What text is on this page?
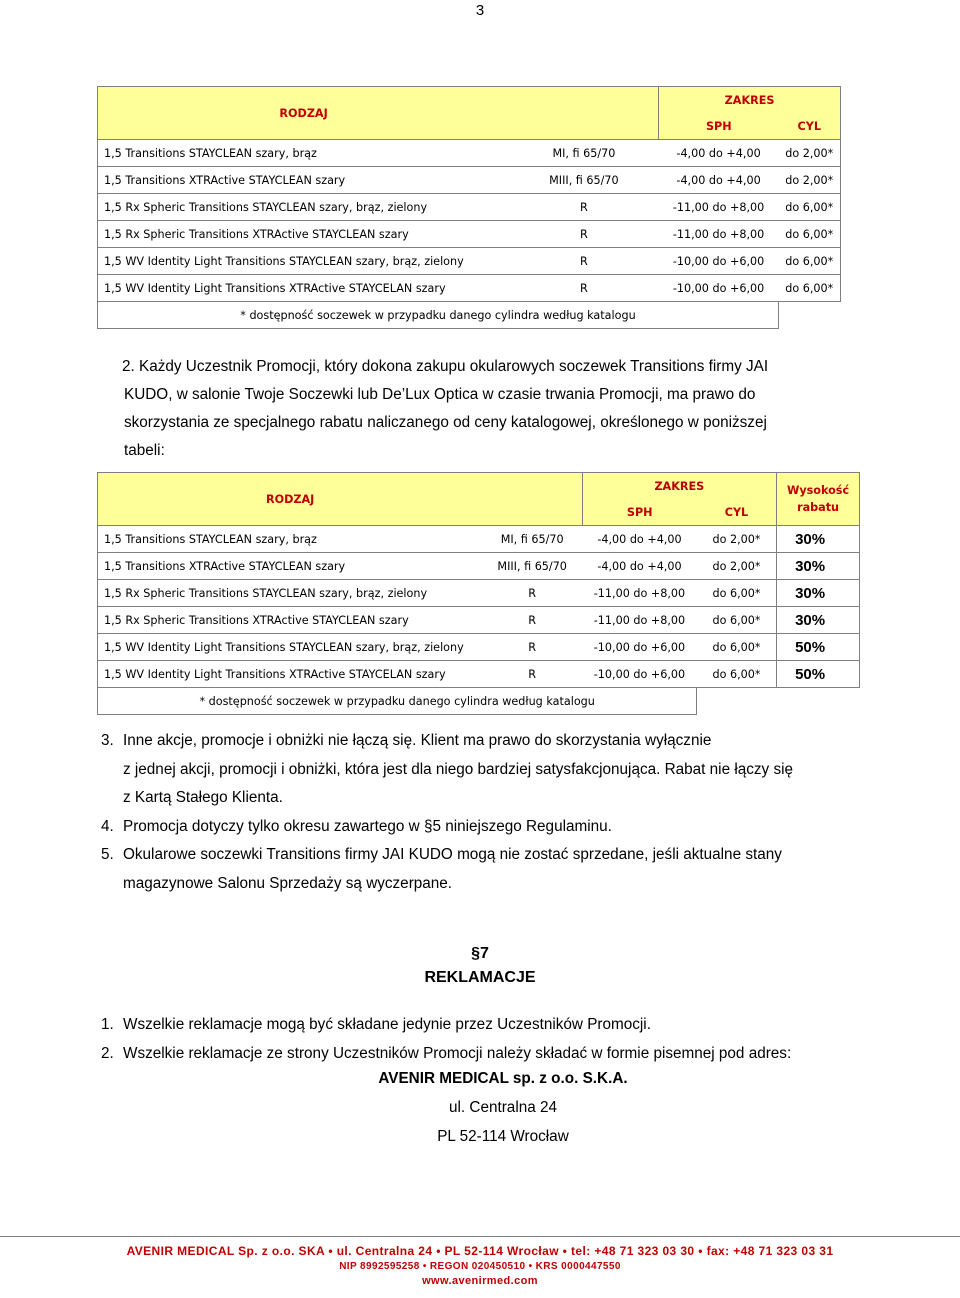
3
RODZAJ		ZAKRES	
		SPH	CYL
1,5 Transitions STAYCLEAN szary, brąz	MI, fi 65/70	-4,00 do +4,00	do 2,00*
1,5 Transitions XTRActive STAYCLEAN szary	MIII, fi 65/70	-4,00 do +4,00	do 2,00*
1,5 Rx Spheric Transitions STAYCLEAN szary, brąz, zielony	R	-11,00 do +8,00	do 6,00*
1,5 Rx Spheric Transitions XTRActive STAYCLEAN szary	R	-11,00 do +8,00	do 6,00*
1,5 WV Identity Light Transitions STAYCLEAN szary, brąz, zielony	R	-10,00 do +6,00	do 6,00*
1,5 WV Identity Light Transitions XTRActive STAYCELAN szary	R	-10,00 do +6,00	do 6,00*
* dostępność soczewek w przypadku danego cylindra według katalogu			
2. Każdy Uczestnik Promocji, który dokona zakupu okularowych soczewek Transitions firmy JAI
KUDO, w salonie Twoje Soczewki lub De’Lux Optica w czasie trwania Promocji, ma prawo do
skorzystania ze specjalnego rabatu naliczanego od ceny katalogowej, określonego w poniższej
tabeli:
RODZAJ		ZAKRES		Wysokość rabatu
		SPH	CYL	
1,5 Transitions STAYCLEAN szary, brąz	MI, fi 65/70	-4,00 do +4,00	do 2,00*	30%
1,5 Transitions XTRActive STAYCLEAN szary	MIII, fi 65/70	-4,00 do +4,00	do 2,00*	30%
1,5 Rx Spheric Transitions STAYCLEAN szary, brąz, zielony	R	-11,00 do +8,00	do 6,00*	30%
1,5 Rx Spheric Transitions XTRActive STAYCLEAN szary	R	-11,00 do +8,00	do 6,00*	30%
1,5 WV Identity Light Transitions STAYCLEAN szary, brąz, zielony	R	-10,00 do +6,00	do 6,00*	50%
1,5 WV Identity Light Transitions XTRActive STAYCELAN szary	R	-10,00 do +6,00	do 6,00*	50%
* dostępność soczewek w przypadku danego cylindra według katalogu				
3. Inne akcje, promocje i obniżki nie łączą się. Klient ma prawo do skorzystania wyłącznie
z jednej akcji, promocji i obniżki, która jest dla niego bardziej satysfakcjonująca. Rabat nie łączy się
z Kartą Stałego Klienta.
4. Promocja dotyczy tylko okresu zawartego w §5 niniejszego Regulaminu.
5. Okularowe soczewki Transitions firmy JAI KUDO mogą nie zostać sprzedane, jeśli aktualne stany
magazynowe Salonu Sprzedaży są wyczerpane.
§7
REKLAMACJE
1. Wszelkie reklamacje mogą być składane jedynie przez Uczestników Promocji.
2. Wszelkie reklamacje ze strony Uczestników Promocji należy składać w formie pisemnej pod adres:
AVENIR MEDICAL sp. z o.o. S.K.A.
ul. Centralna 24
PL 52-114 Wrocław
AVENIR MEDICAL Sp. z o.o. SKA • ul. Centralna 24 • PL 52-114 Wrocław • tel: +48 71 323 03 30 • fax: +48 71 323 03 31
NIP 8992595258 • REGON 020450510 • KRS 0000447550
www.avenirmed.com
